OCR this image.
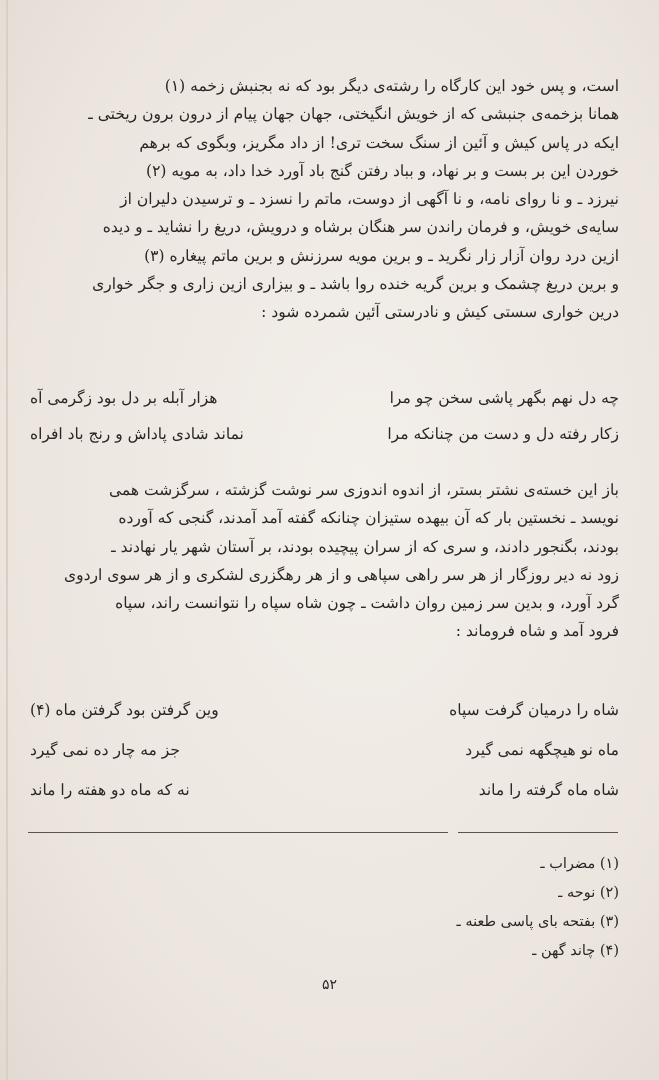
است، و پس خود این کارگاه را رشته‌ی دیگر بود که نه بجنبش زخمه (۱)

همانا بزخمه‌ی جنبشی که از خویش انگیختی، جهان جهان پیام از درون برون ریختی ـ

ایکه در پاس کیش و آئین از سنگ سخت تری! از داد مگریز، وبگوی که برهم

خوردن این بر بست و بر نهاد، و بباد رفتن گنج باد آورد خدا داد، به مویه (۲)

نیرزد ـ و نا روای نامه، و نا آگهی از دوست، ماتم را نسزد ـ و ترسیدن دلیران از

سایه‌ی خویش، و فرمان راندن سر هنگان برشاه و درویش، دریغ را نشاید ـ و دیده

ازین درد روان آزار زار نگرید ـ و برین مویه سرزنش و برین ماتم پیغاره (۳)

و برین دریغ چشمک و برین گریه خنده روا باشد ـ و بیزاری ازین زاری و جگر خواری

درین خواری سستی کیش و نادرستی آئین شمرده شود :

چه دل نهم بگهر پاشی سخن چو مرا
هزار آبله بر دل بود زگرمی آه
زکار رفته دل و دست من چنانکه مرا
نماند شادی پاداش و رنج باد افراه

باز این خسته‌ی نشتر بستر، از اندوه اندوزی سر نوشت گزشته ، سرگزشت همی

نویسد ـ نخستین بار که آن بیهده ستیزان چنانکه گفته آمد آمدند، گنجی که آورده

بودند، بگنجور دادند، و سری که از سران پیچیده بودند، بر آستان شهر یار نهادند ـ

زود نه دیر روزگار از هر سر راهی سپاهی و از هر رهگزری لشکری و از هر سوی اردوی

گرد آورد، و بدین سر زمین روان داشت ـ چون شاه سپاه را نتوانست راند، سپاه

فرود آمد و شاه فروماند :

شاه را درمیان گرفت سپاه
وین گرفتن بود گرفتن ماه (۴)
ماه نو هیچگهه نمی گیرد
جز مه چار ده نمی گیرد
شاه ماه گرفته را ماند
نه که ماه دو هفته را ماند
(۱) مضراب ـ
(۲) نوحه ـ
(۳) بفتحه بای پاسی طعنه ـ
(۴) چاند گهن ـ
۵۲
